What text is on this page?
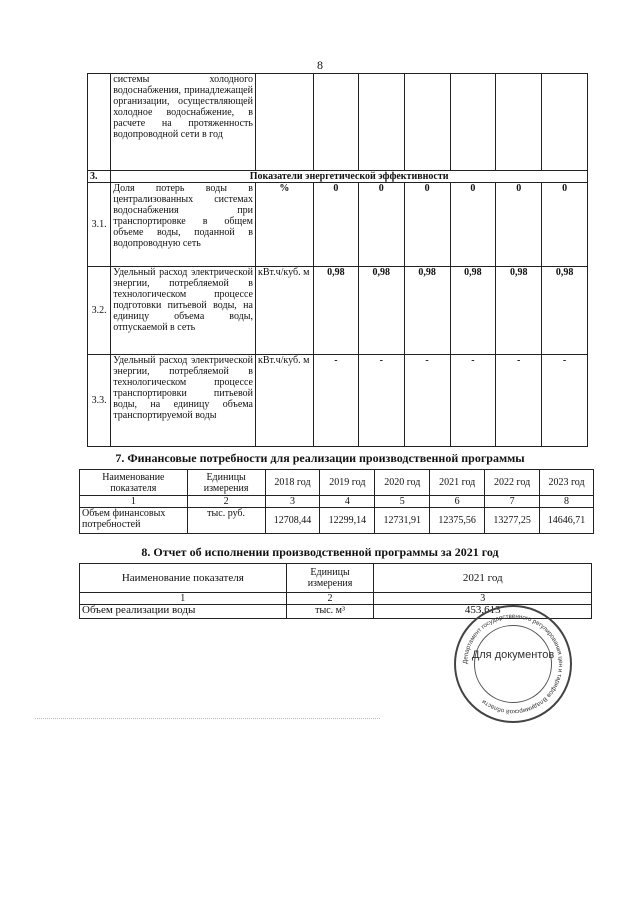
8
	системы холодного водоснабжения, принадлежащей организации, осуществляющей холодное водоснабжение, в расчете на протяженность водопроводной сети в год							
3.	Показатели энергетической эффективности							
3.1.	Доля потерь воды в централизованных системах водоснабжения при транспортировке в общем объеме воды, поданной в водопроводную сеть	%	0	0	0	0	0	0
3.2.	Удельный расход электрической энергии, потребляемой в технологическом процессе подготовки питьевой воды, на единицу объема воды, отпускаемой в сеть	кВт.ч/куб. м	0,98	0,98	0,98	0,98	0,98	0,98
3.3.	Удельный расход электрической энергии, потребляемой в технологическом процессе транспортировки питьевой воды, на единицу объема транспортируемой воды	кВт.ч/куб. м	-	-	-	-	-	-
7. Финансовые потребности для реализации производственной программы
Наименование показателя	Единицы измерения	2018 год	2019 год	2020 год	2021 год	2022 год	2023 год
1	2	3	4	5	6	7	8
Объем финансовых потребностей	тыс. руб.	12708,44	12299,14	12731,91	12375,56	13277,25	14646,71
8. Отчет об исполнении производственной программы за 2021 год
Наименование показателя	Единицы измерения	2021 год
1	2	3
Объем реализации воды	тыс. м³	453,613
Департамент государственного регулирования цен и тарифов Владимирской области
Для документов
